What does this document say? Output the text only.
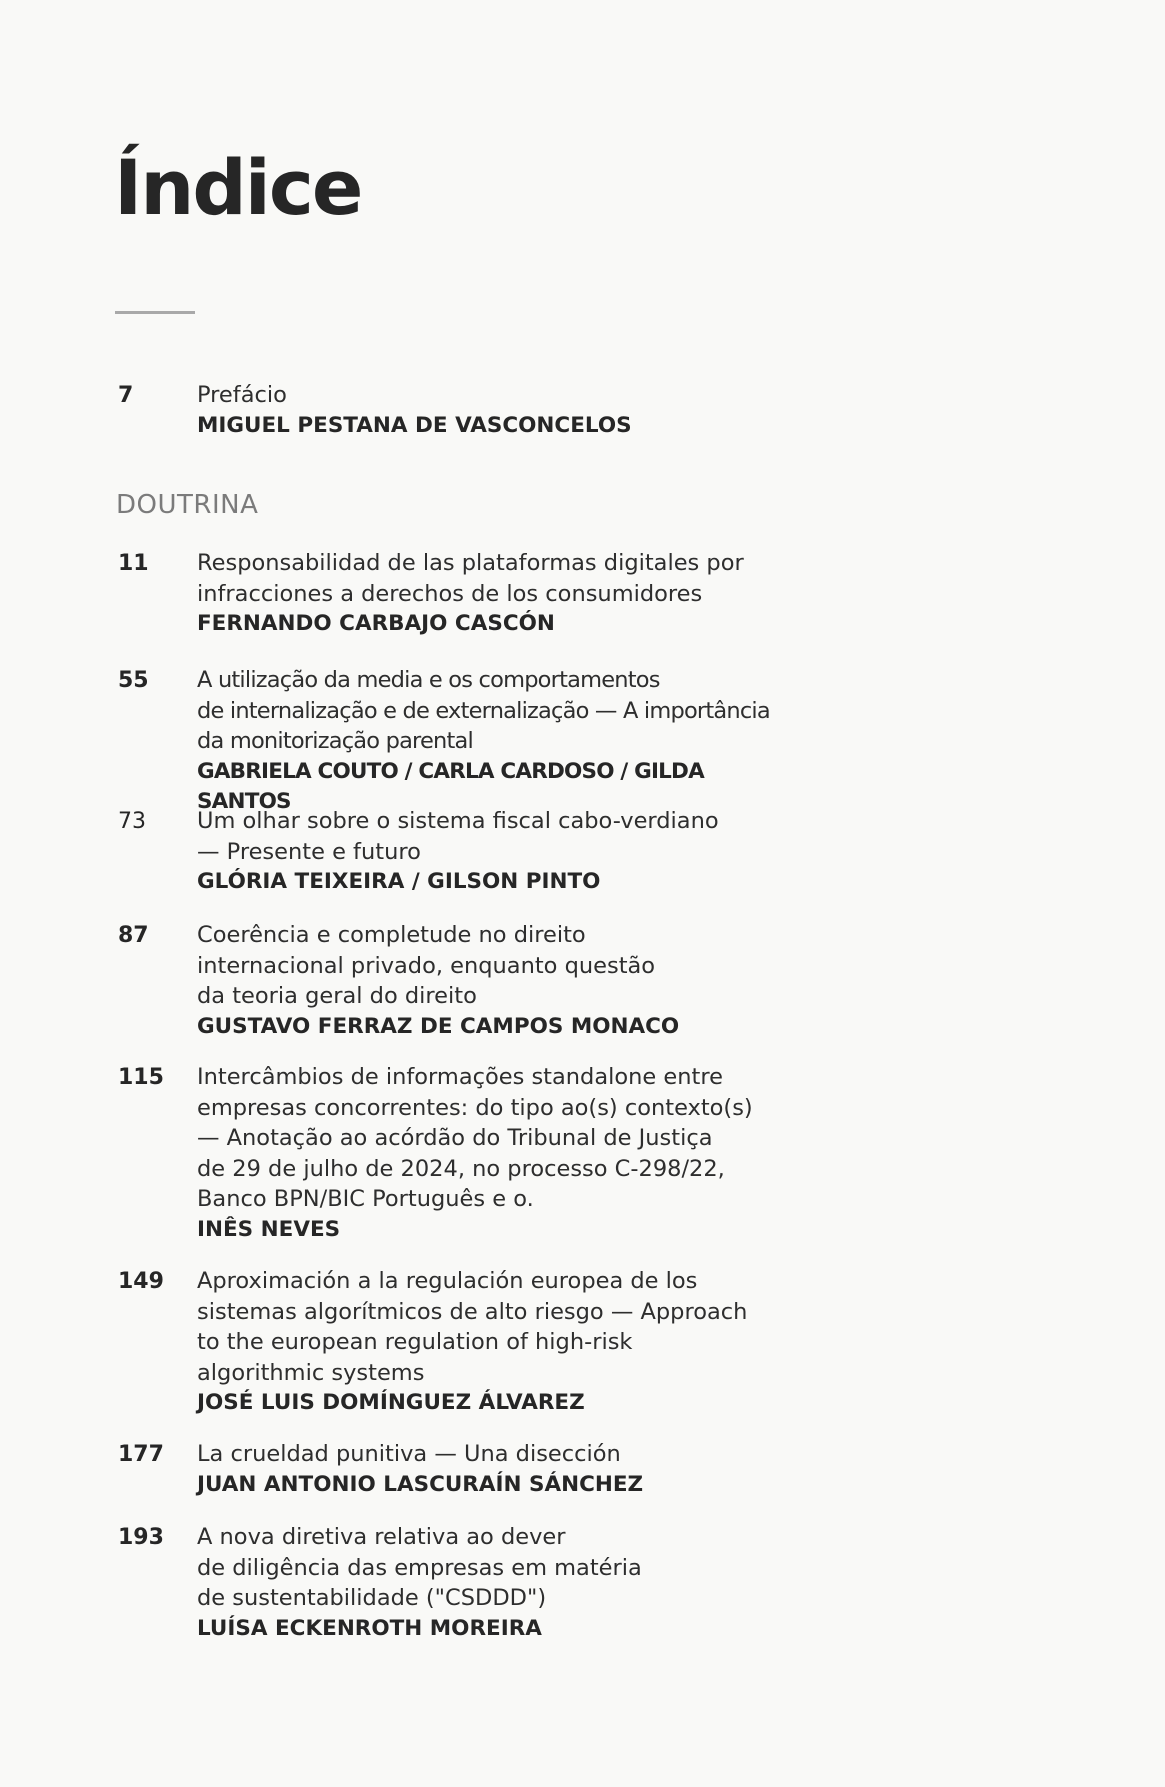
Índice
7	Prefácio
MIGUEL PESTANA DE VASCONCELOS
DOUTRINA
11 Responsabilidad de las plataformas digitales por
infracciones a derechos de los consumidores
FERNANDO CARBAJO CASCÓN
55 A utilização da media e os comportamentos
de internalização e de externalização — A importância
da monitorização parental
GABRIELA COUTO / CARLA CARDOSO / GILDA SANTOS
73 Um olhar sobre o sistema fiscal cabo-verdiano
— Presente e futuro
GLÓRIA TEIXEIRA / GILSON PINTO
87 Coerência e completude no direito
internacional privado, enquanto questão
da teoria geral do direito
GUSTAVO FERRAZ DE CAMPOS MONACO
115 Intercâmbios de informações standalone entre
empresas concorrentes: do tipo ao(s) contexto(s)
— Anotação ao acórdão do Tribunal de Justiça
de 29 de julho de 2024, no processo C-298/22,
Banco BPN/BIC Português e o.
INÊS NEVES
149 Aproximación a la regulación europea de los
sistemas algorítmicos de alto riesgo — Approach
to the european regulation of high-risk
algorithmic systems
JOSÉ LUIS DOMÍNGUEZ ÁLVAREZ
177 La crueldad punitiva — Una disección
JUAN ANTONIO LASCURAÍN SÁNCHEZ
193 A nova diretiva relativa ao dever
de diligência das empresas em matéria
de sustentabilidade ("CSDDD")
LUÍSA ECKENROTH MOREIRA
